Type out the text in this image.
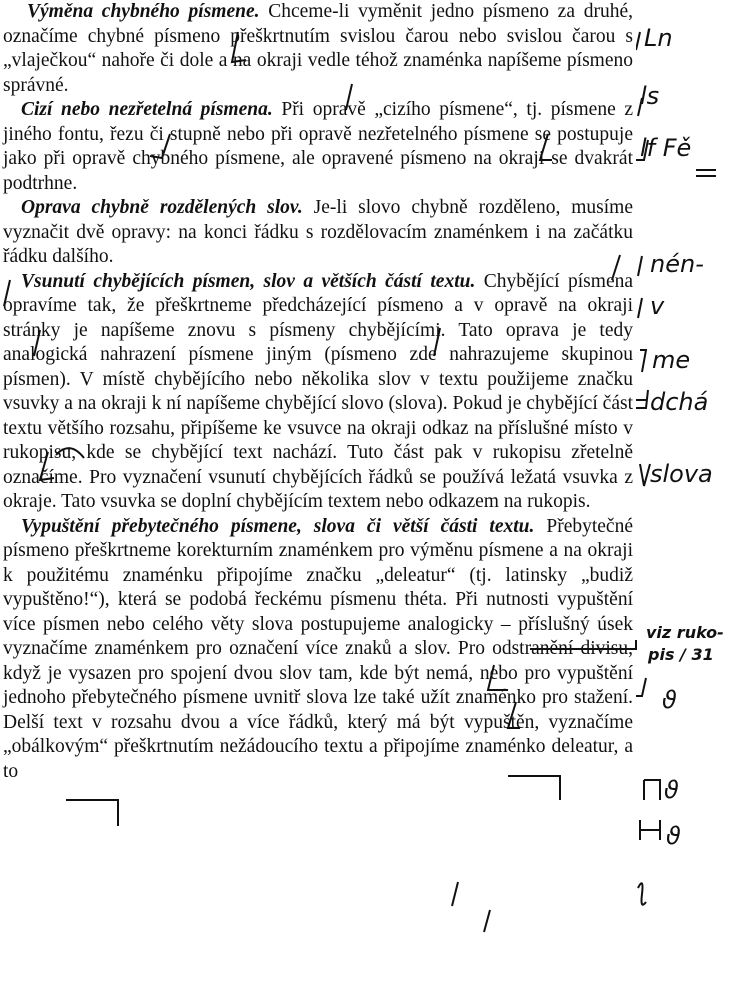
Výměna chybného písmene. Chceme-li vyměnit jedno písmeno za druhé, označíme chybné písmeno přeškrtnutím svislou čarou nebo svislou čarou s „vlaječkou“ nahoře či dole a na okraji vedle téhož znaménka napíšeme písmeno správné.

Cizí nebo nezřetelná písmena. Při opravě „cizího písmene“, tj. písmene z jiného fontu, řezu či stupně nebo při opravě nezřetelného písmene se postupuje jako při opravě chybného písmene, ale opravené písmeno na okraji se dvakrát podtrhne.

Oprava chybně rozdělených slov. Je-li slovo chybně rozděleno, musíme vyznačit dvě opravy: na konci řádku s rozdělovacím znaménkem i na začátku řádku dalšího.

Vsunutí chybějících písmen, slov a větších částí textu. Chybějící písmena opravíme tak, že přeškrtneme předcházející písmeno a v opravě na okraji stránky je napíšeme znovu s písmeny chybějícími. Tato oprava je tedy analogická nahrazení písmene jiným (písmeno zde nahrazujeme skupinou písmen). V místě chybějícího nebo několika slov v textu použijeme značku vsuvky a na okraji k ní napíšeme chybějící slovo (slova). Pokud je chybějící část textu většího rozsahu, připíšeme ke vsuvce na okraji odkaz na příslušné místo v rukopisu, kde se chybějící text nachází. Tuto část pak v rukopisu zřetelně označíme. Pro vyznačení vsunutí chybějících řádků se používá ležatá vsuvka z okraje. Tato vsuvka se doplní chybějícím textem nebo odkazem na rukopis.

Vypuštění přebytečného písmene, slova či větší části textu. Přebytečné písmeno přeškrtneme korekturním znaménkem pro výměnu písmene a na okraji k použitému znaménku připojíme značku „deleatur“ (tj. latinsky „budiž vypuštěno!“), která se podobá řeckému písmenu théta. Při nutnosti vypuštění více písmen nebo celého věty slova postupujeme analogicky – příslušný úsek vyznačíme znaménkem pro označení více znaků a slov. Pro odstranění divisu, když je vysazen pro spojení dvou slov tam, kde být nemá, nebo pro vypuštění jednoho přebytečného písmene uvnitř slova lze také užít znaménko pro stažení. Delší text v rozsahu dvou a více řádků, který má být vypuštěn, vyznačíme „obálkovým“ přeškrtnutím nežádoucího textu a připojíme znaménko deleatur, a to

Ln
ls
lf Fě
nén-
v
me
dchá
slova
viz ruko-
pis / 31
ϑ
ϑ
ϑ
